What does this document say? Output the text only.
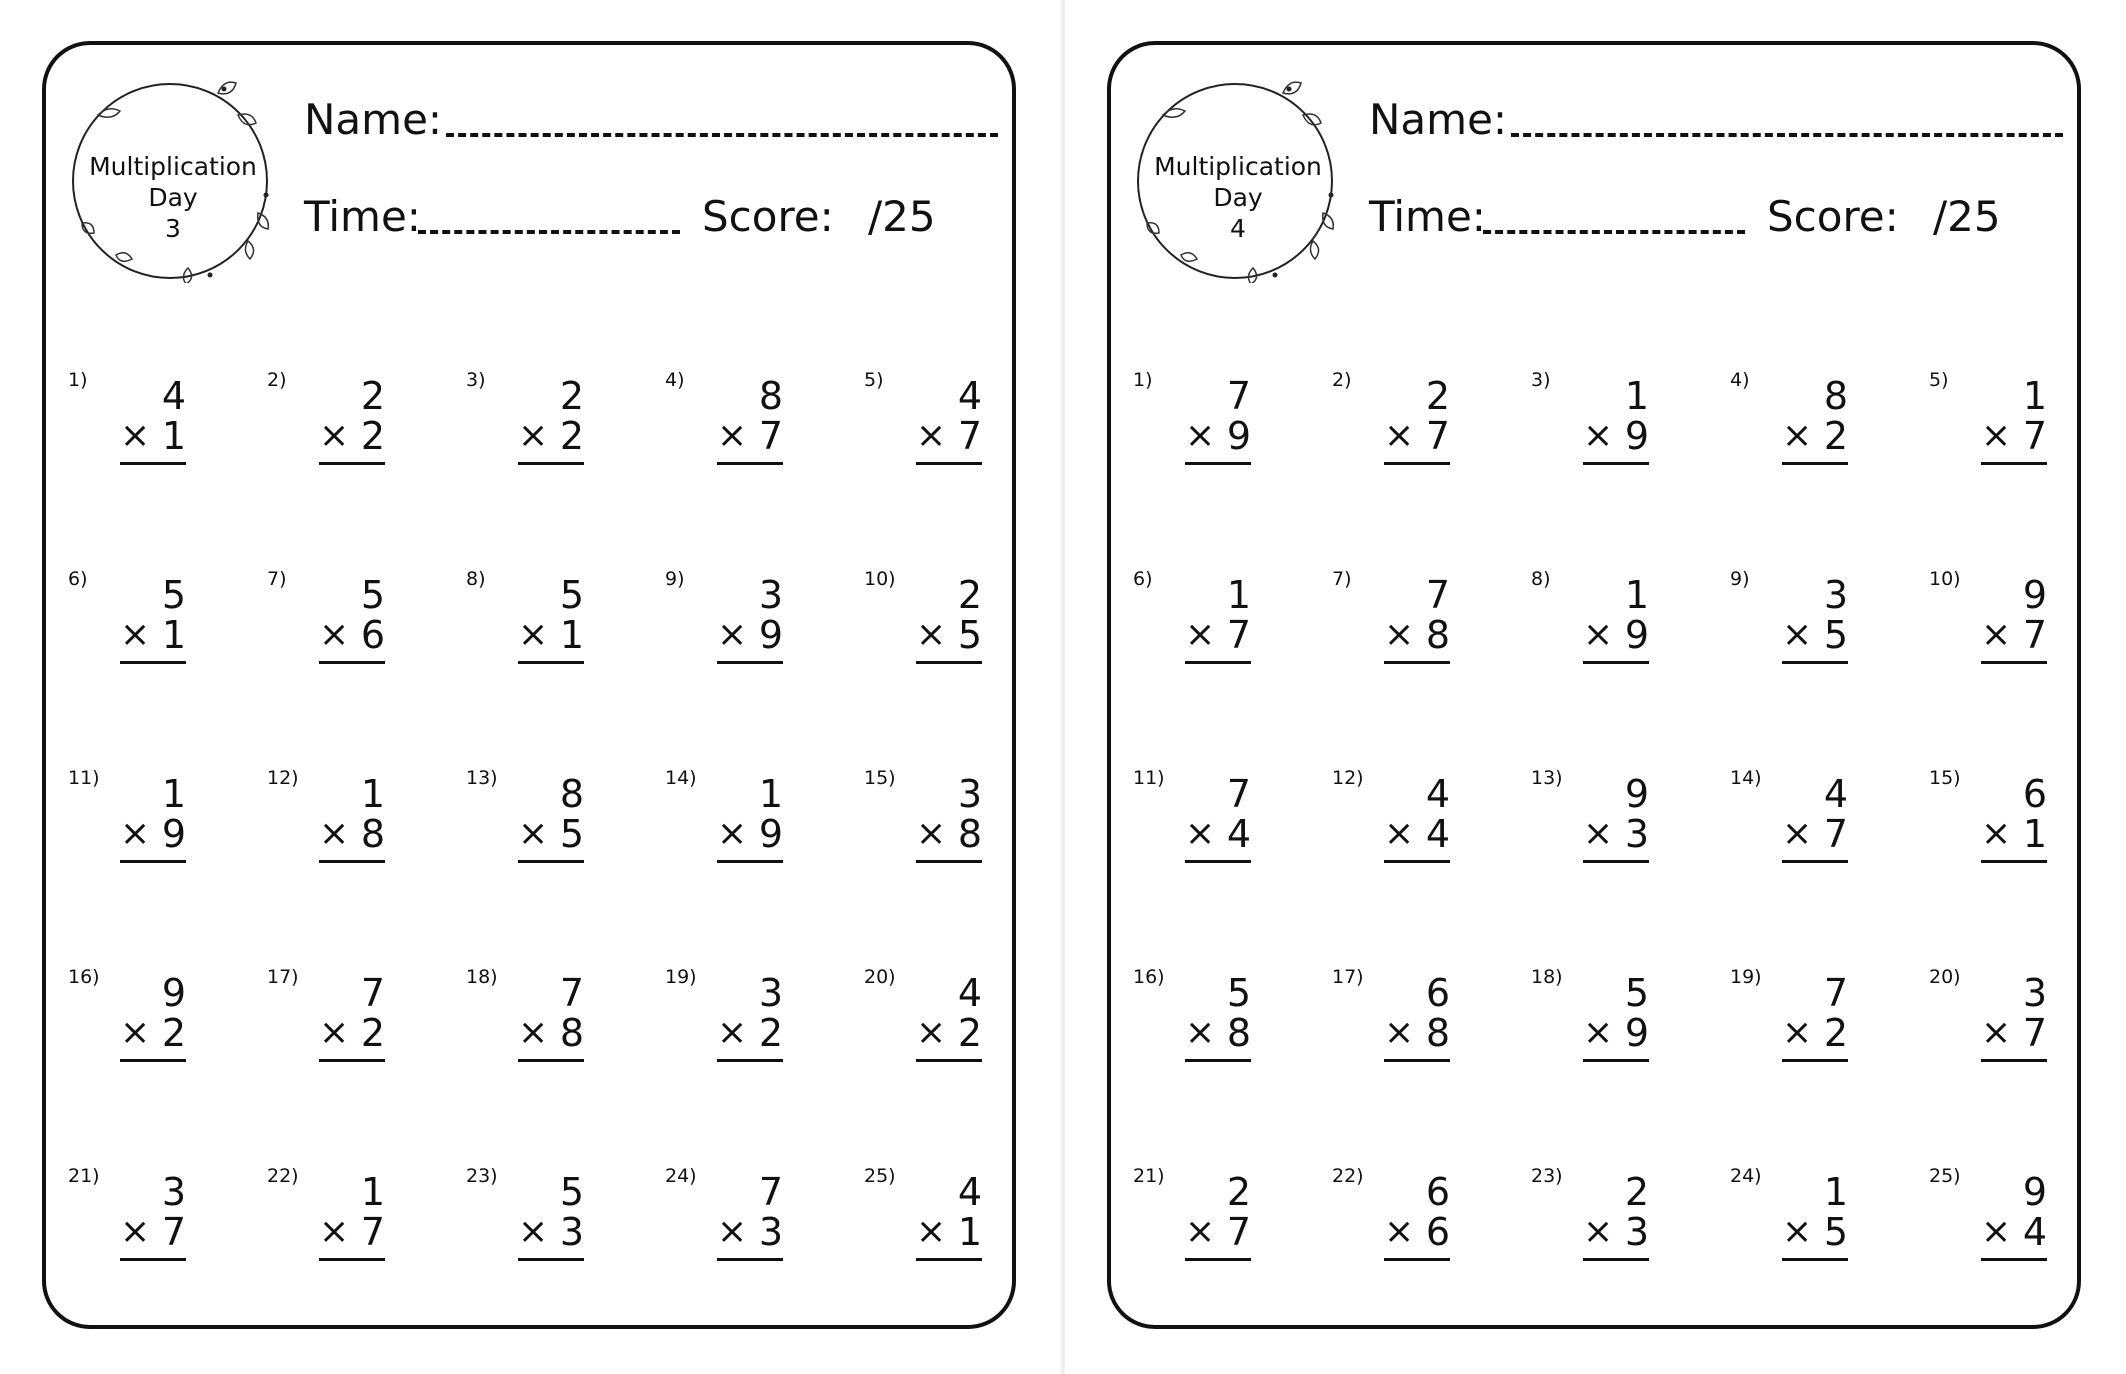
Multiplication
Day
3
Name:
Time:	Score: /25
1) 4
× 1
2) 2
× 2
3) 2
× 2
4) 8
× 7
5) 4
× 7
6) 5
× 1
7) 5
× 6
8) 5
× 1
9) 3
× 9
10) 2
× 5
11) 1
× 9
12) 1
× 8
13) 8
× 5
14) 1
× 9
15) 3
× 8
16) 9
× 2
17) 7
× 2
18) 7
× 8
19) 3
× 2
20) 4
× 2
21) 3
× 7
22) 1
× 7
23) 5
× 3
24) 7
× 3
25) 4
× 1
Multiplication
Day
4
Name:
Time:	Score: /25
1) 7
× 9
2) 2
× 7
3) 1
× 9
4) 8
× 2
5) 1
× 7
6) 1
× 7
7) 7
× 8
8) 1
× 9
9) 3
× 5
10) 9
× 7
11) 7
× 4
12) 4
× 4
13) 9
× 3
14) 4
× 7
15) 6
× 1
16) 5
× 8
17) 6
× 8
18) 5
× 9
19) 7
× 2
20) 3
× 7
21) 2
× 7
22) 6
× 6
23) 2
× 3
24) 1
× 5
25) 9
× 4
